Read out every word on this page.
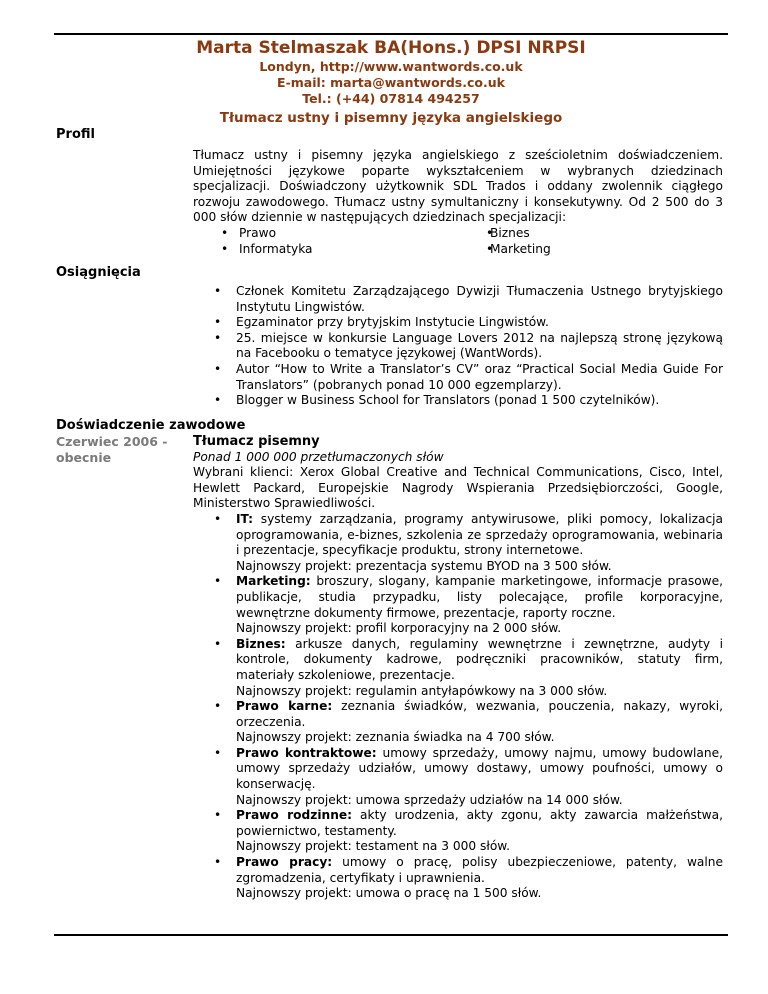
Marta Stelmaszak BA(Hons.) DPSI NRPSI
Londyn, http://www.wantwords.co.uk
E-mail: marta@wantwords.co.uk
Tel.: (+44) 07814 494257
Tłumacz ustny i pisemny języka angielskiego
Profil
Tłumacz ustny i pisemny języka angielskiego z sześcioletnim doświadczeniem. Umiejętności językowe poparte wykształceniem w wybranych dziedzinach specjalizacji. Doświadczony użytkownik SDL Trados i oddany zwolennik ciągłego rozwoju zawodowego. Tłumacz ustny symultaniczny i konsekutywny. Od 2 500 do 3 000 słów dziennie w następujących dziedzinach specjalizacji:
• Prawo
• Informatyka
• Biznes
• Marketing
Osiągnięcia
• Członek Komitetu Zarządzającego Dywizji Tłumaczenia Ustnego brytyjskiego Instytutu Lingwistów.
• Egzaminator przy brytyjskim Instytucie Lingwistów.
• 25. miejsce w konkursie Language Lovers 2012 na najlepszą stronę językową na Facebooku o tematyce językowej (WantWords).
• Autor “How to Write a Translator’s CV” oraz “Practical Social Media Guide For Translators” (pobranych ponad 10 000 egzemplarzy).
• Blogger w Business School for Translators (ponad 1 500 czytelników).
Doświadczenie zawodowe
Czerwiec 2006 -
obecnie
Tłumacz pisemny
Ponad 1 000 000 przetłumaczonych słów
Wybrani klienci: Xerox Global Creative and Technical Communications, Cisco, Intel, Hewlett Packard, Europejskie Nagrody Wspierania Przedsiębiorczości, Google, Ministerstwo Sprawiedliwości.
• IT: systemy zarządzania, programy antywirusowe, pliki pomocy, lokalizacja oprogramowania, e-biznes, szkolenia ze sprzedaży oprogramowania, webinaria i prezentacje, specyfikacje produktu, strony internetowe.
Najnowszy projekt: prezentacja systemu BYOD na 3 500 słów.
• Marketing: broszury, slogany, kampanie marketingowe, informacje prasowe, publikacje, studia przypadku, listy polecające, profile korporacyjne, wewnętrzne dokumenty firmowe, prezentacje, raporty roczne.
Najnowszy projekt: profil korporacyjny na 2 000 słów.
• Biznes: arkusze danych, regulaminy wewnętrzne i zewnętrzne, audyty i kontrole, dokumenty kadrowe, podręczniki pracowników, statuty firm, materiały szkoleniowe, prezentacje.
Najnowszy projekt: regulamin antyłapówkowy na 3 000 słów.
• Prawo karne: zeznania świadków, wezwania, pouczenia, nakazy, wyroki, orzeczenia.
Najnowszy projekt: zeznania świadka na 4 700 słów.
• Prawo kontraktowe: umowy sprzedaży, umowy najmu, umowy budowlane, umowy sprzedaży udziałów, umowy dostawy, umowy poufności, umowy o konserwację.
Najnowszy projekt: umowa sprzedaży udziałów na 14 000 słów.
• Prawo rodzinne: akty urodzenia, akty zgonu, akty zawarcia małżeństwa, powiernictwo, testamenty.
Najnowszy projekt: testament na 3 000 słów.
• Prawo pracy: umowy o pracę, polisy ubezpieczeniowe, patenty, walne zgromadzenia, certyfikaty i uprawnienia.
Najnowszy projekt: umowa o pracę na 1 500 słów.
